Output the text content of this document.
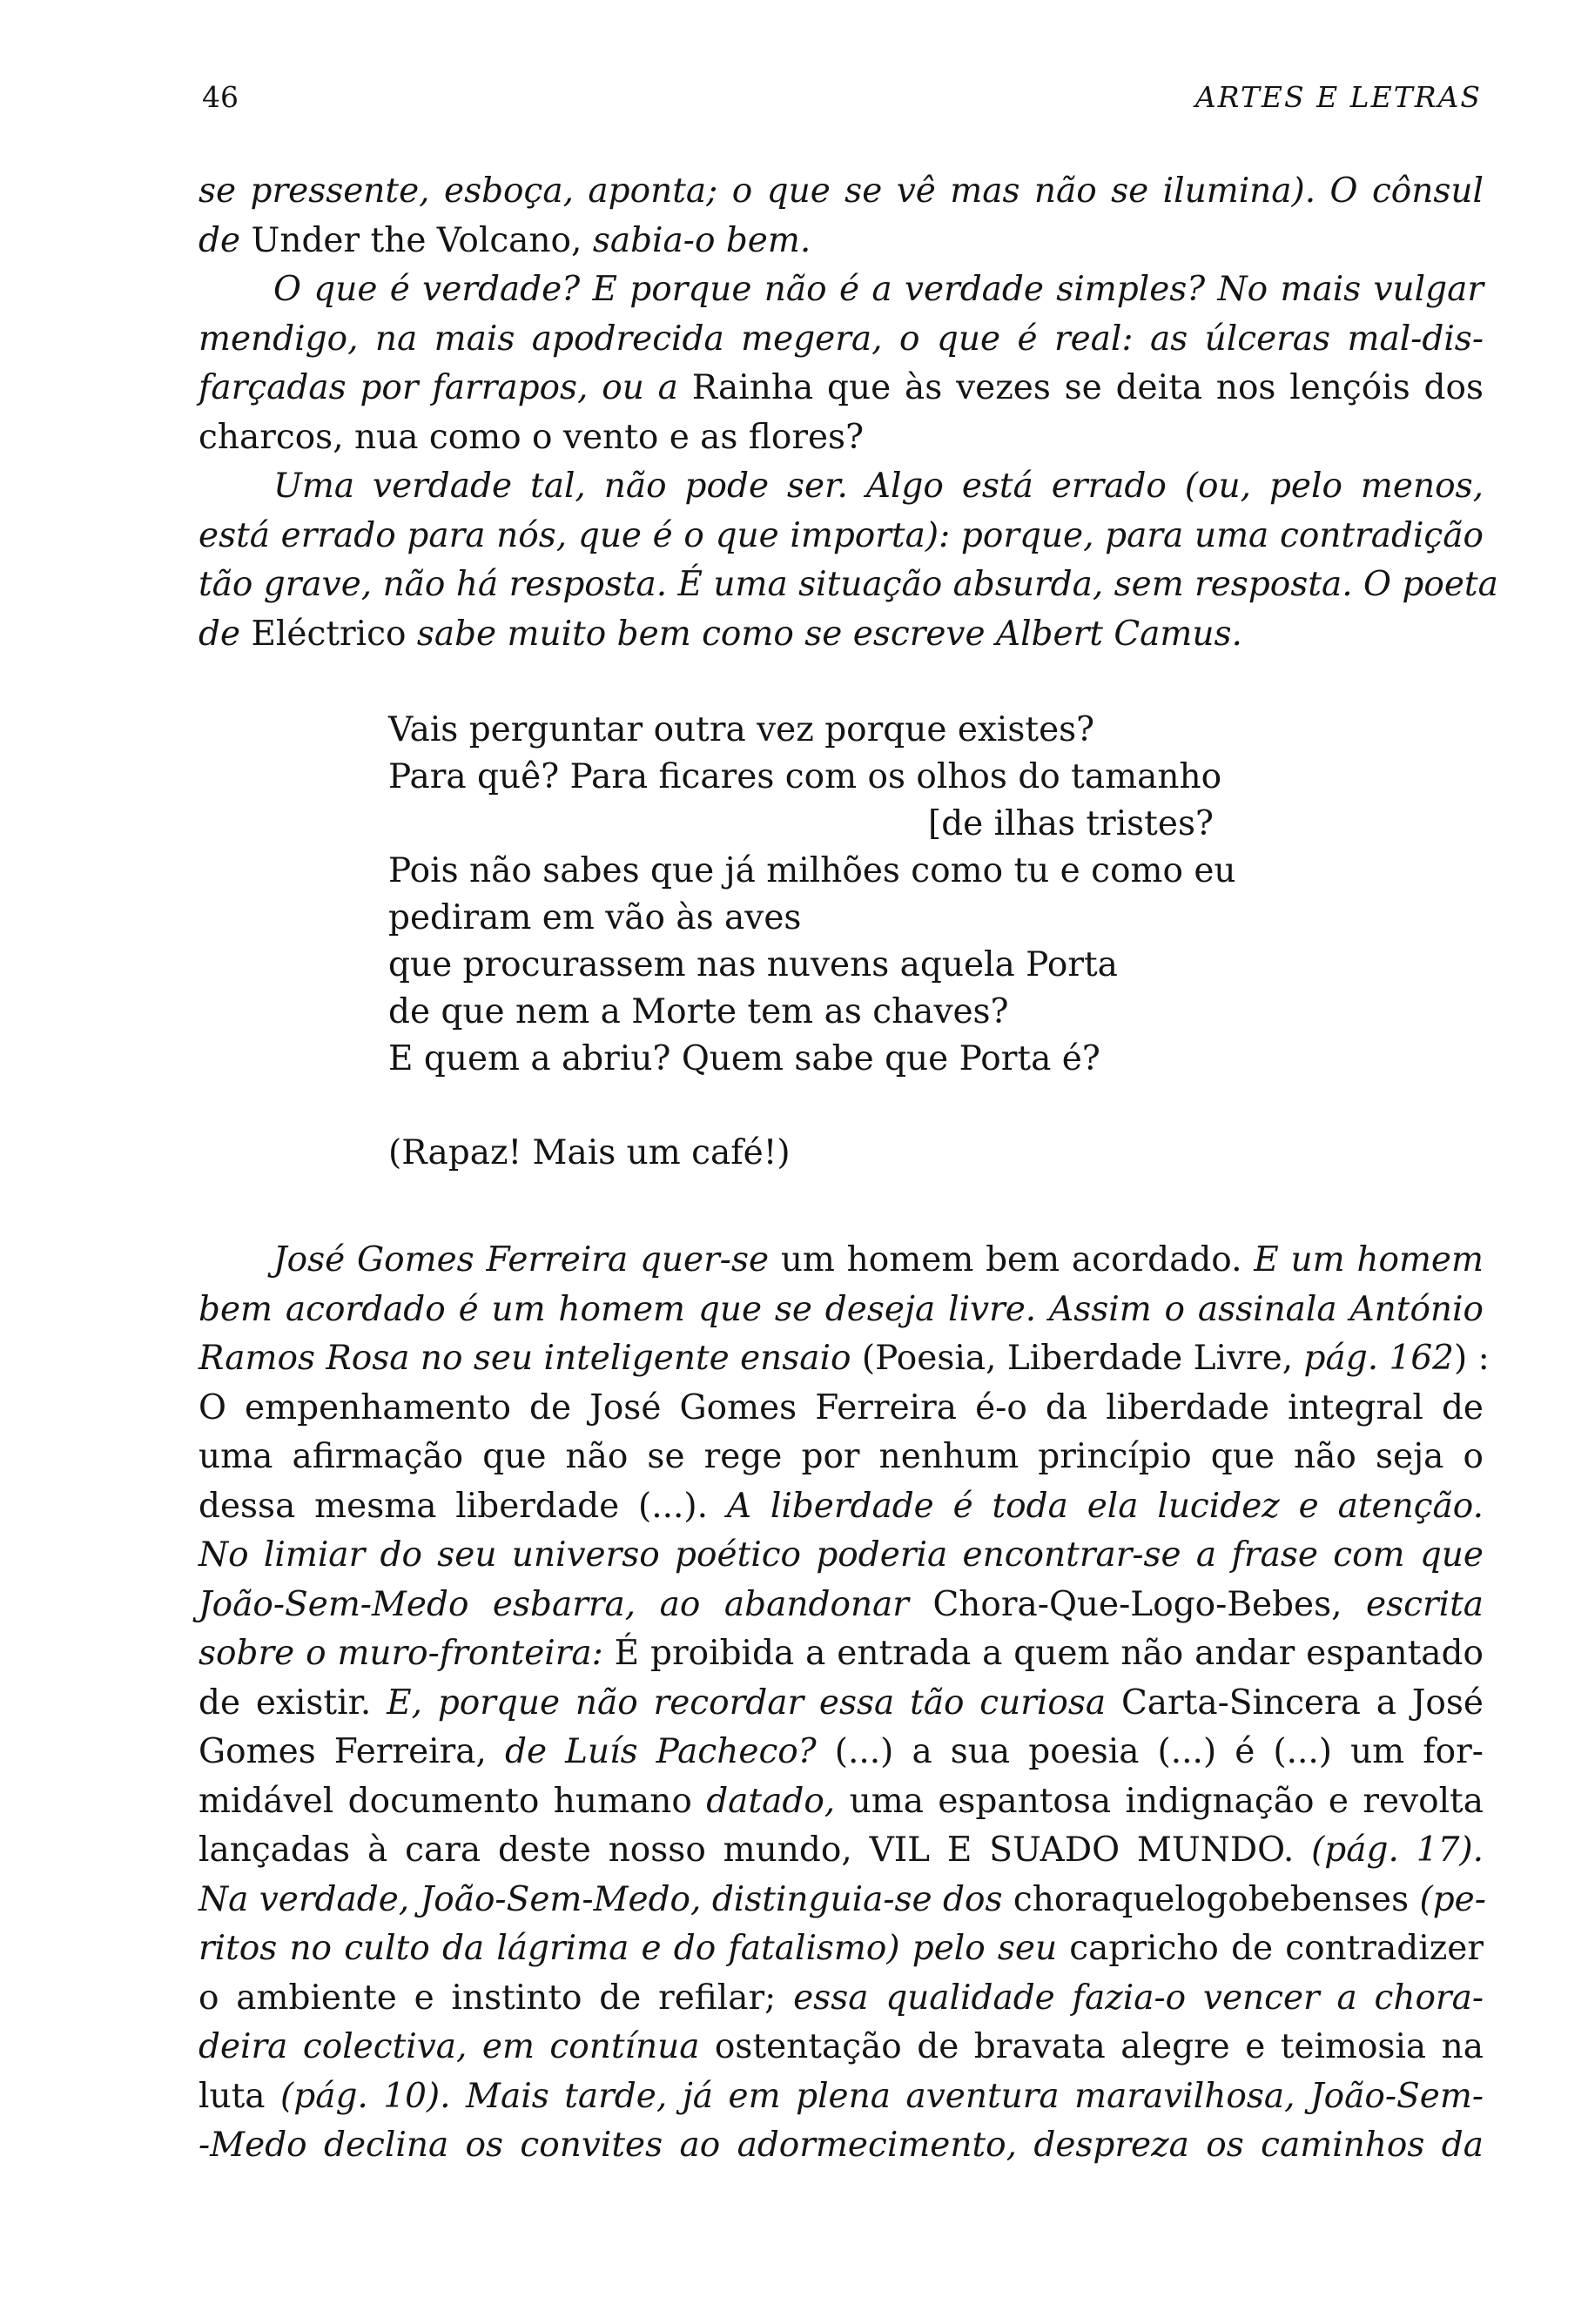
46	ARTES E LETRAS
se pressente, esboça, aponta; o que se vê mas não se ilumina). O cônsul
de Under the Volcano, sabia-o bem.
O que é verdade? E porque não é a verdade simples? No mais vulgar
mendigo, na mais apodrecida megera, o que é real: as úlceras mal-dis-
farçadas por farrapos, ou a Rainha que às vezes se deita nos lençóis dos
charcos, nua como o vento e as flores?
Uma verdade tal, não pode ser. Algo está errado (ou, pelo menos,
está errado para nós, que é o que importa): porque, para uma contradição
tão grave, não há resposta. É uma situação absurda, sem resposta. O poeta
de Eléctrico sabe muito bem como se escreve Albert Camus.
Vais perguntar outra vez porque existes?
Para quê? Para ficares com os olhos do tamanho
[de ilhas tristes?
Pois não sabes que já milhões como tu e como eu
pediram em vão às aves
que procurassem nas nuvens aquela Porta
de que nem a Morte tem as chaves?
E quem a abriu? Quem sabe que Porta é?
(Rapaz! Mais um café!)
José Gomes Ferreira quer-se um homem bem acordado. E um homem
bem acordado é um homem que se deseja livre. Assim o assinala António
Ramos Rosa no seu inteligente ensaio (Poesia, Liberdade Livre, pág. 162) :
O empenhamento de José Gomes Ferreira é-o da liberdade integral de
uma afirmação que não se rege por nenhum princípio que não seja o
dessa mesma liberdade (...). A liberdade é toda ela lucidez e atenção.
No limiar do seu universo poético poderia encontrar-se a frase com que
João-Sem-Medo esbarra, ao abandonar Chora-Que-Logo-Bebes, escrita
sobre o muro-fronteira: É proibida a entrada a quem não andar espantado
de existir. E, porque não recordar essa tão curiosa Carta-Sincera a José
Gomes Ferreira, de Luís Pacheco? (...) a sua poesia (...) é (...) um for-
midável documento humano datado, uma espantosa indignação e revolta
lançadas à cara deste nosso mundo, VIL E SUADO MUNDO. (pág. 17).
Na verdade, João-Sem-Medo, distinguia-se dos choraquelogobebenses (pe-
ritos no culto da lágrima e do fatalismo) pelo seu capricho de contradizer
o ambiente e instinto de refilar; essa qualidade fazia-o vencer a chora-
deira colectiva, em contínua ostentação de bravata alegre e teimosia na
luta (pág. 10). Mais tarde, já em plena aventura maravilhosa, João-Sem-
-Medo declina os convites ao adormecimento, despreza os caminhos da
